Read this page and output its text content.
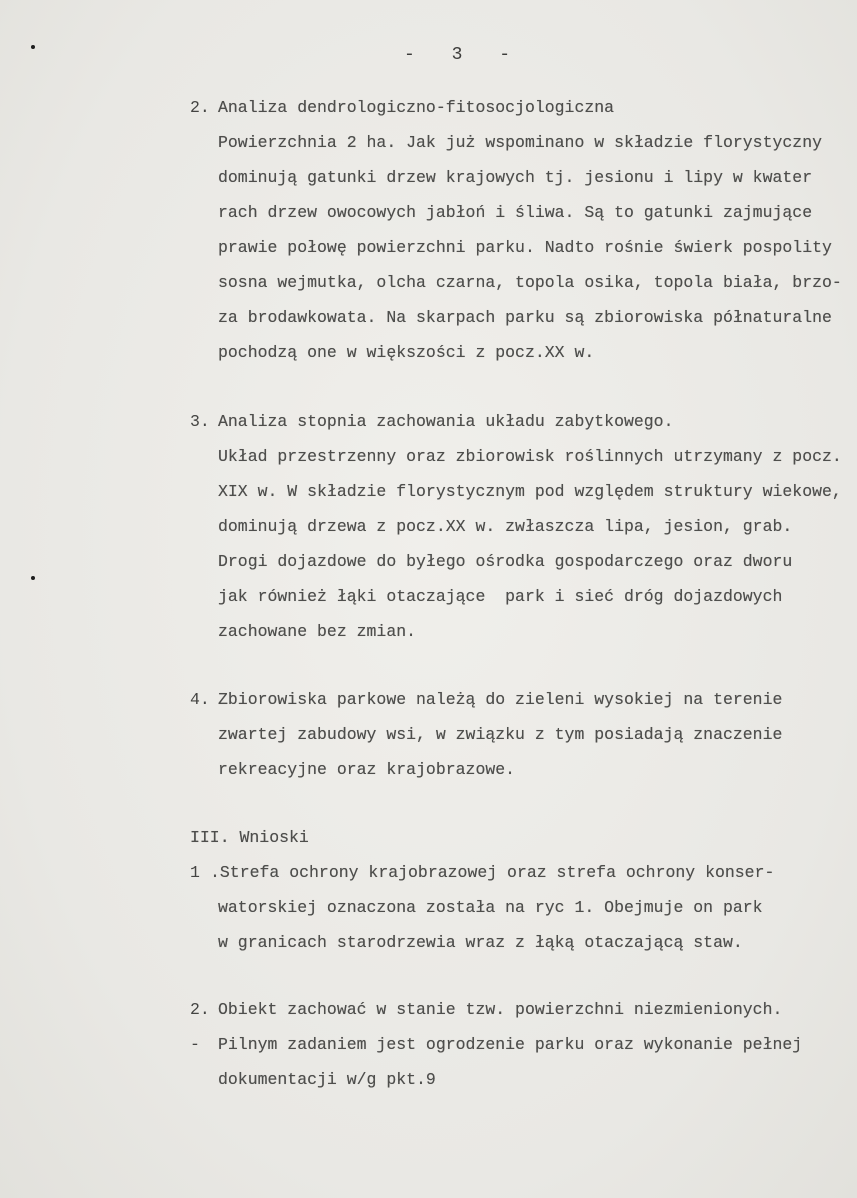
- 3 -
2. Analiza dendrologiczno-fitosocjologiczna
Powierzchnia 2 ha. Jak już wspominano w składzie florystyczny
dominują gatunki drzew krajowych tj. jesionu i lipy w kwater
rach drzew owocowych jabłoń i śliwa. Są to gatunki zajmujące
prawie połowę powierzchni parku. Nadto rośnie świerk pospolity
sosna wejmutka, olcha czarna, topola osika, topola biała, brzo-
za brodawkowata. Na skarpach parku są zbiorowiska półnaturalne
pochodzą one w większości z pocz.XX w.
3. Analiza stopnia zachowania układu zabytkowego.
Układ przestrzenny oraz zbiorowisk roślinnych utrzymany z pocz.
XIX w. W składzie florystycznym pod względem struktury wiekowe,
dominują drzewa z pocz.XX w. zwłaszcza lipa, jesion, grab.
Drogi dojazdowe do byłego ośrodka gospodarczego oraz dworu
jak również łąki otaczające  park i sieć dróg dojazdowych
zachowane bez zmian.
4. Zbiorowiska parkowe należą do zieleni wysokiej na terenie
zwartej zabudowy wsi, w związku z tym posiadają znaczenie
rekreacyjne oraz krajobrazowe.
III. Wnioski
1 .Strefa ochrony krajobrazowej oraz strefa ochrony konser-
watorskiej oznaczona została na ryc 1. Obejmuje on park
w granicach starodrzewia wraz z łąką otaczającą staw.
2. Obiekt zachować w stanie tzw. powierzchni niezmienionych.
- Pilnym zadaniem jest ogrodzenie parku oraz wykonanie pełnej
dokumentacji w/g pkt.9
